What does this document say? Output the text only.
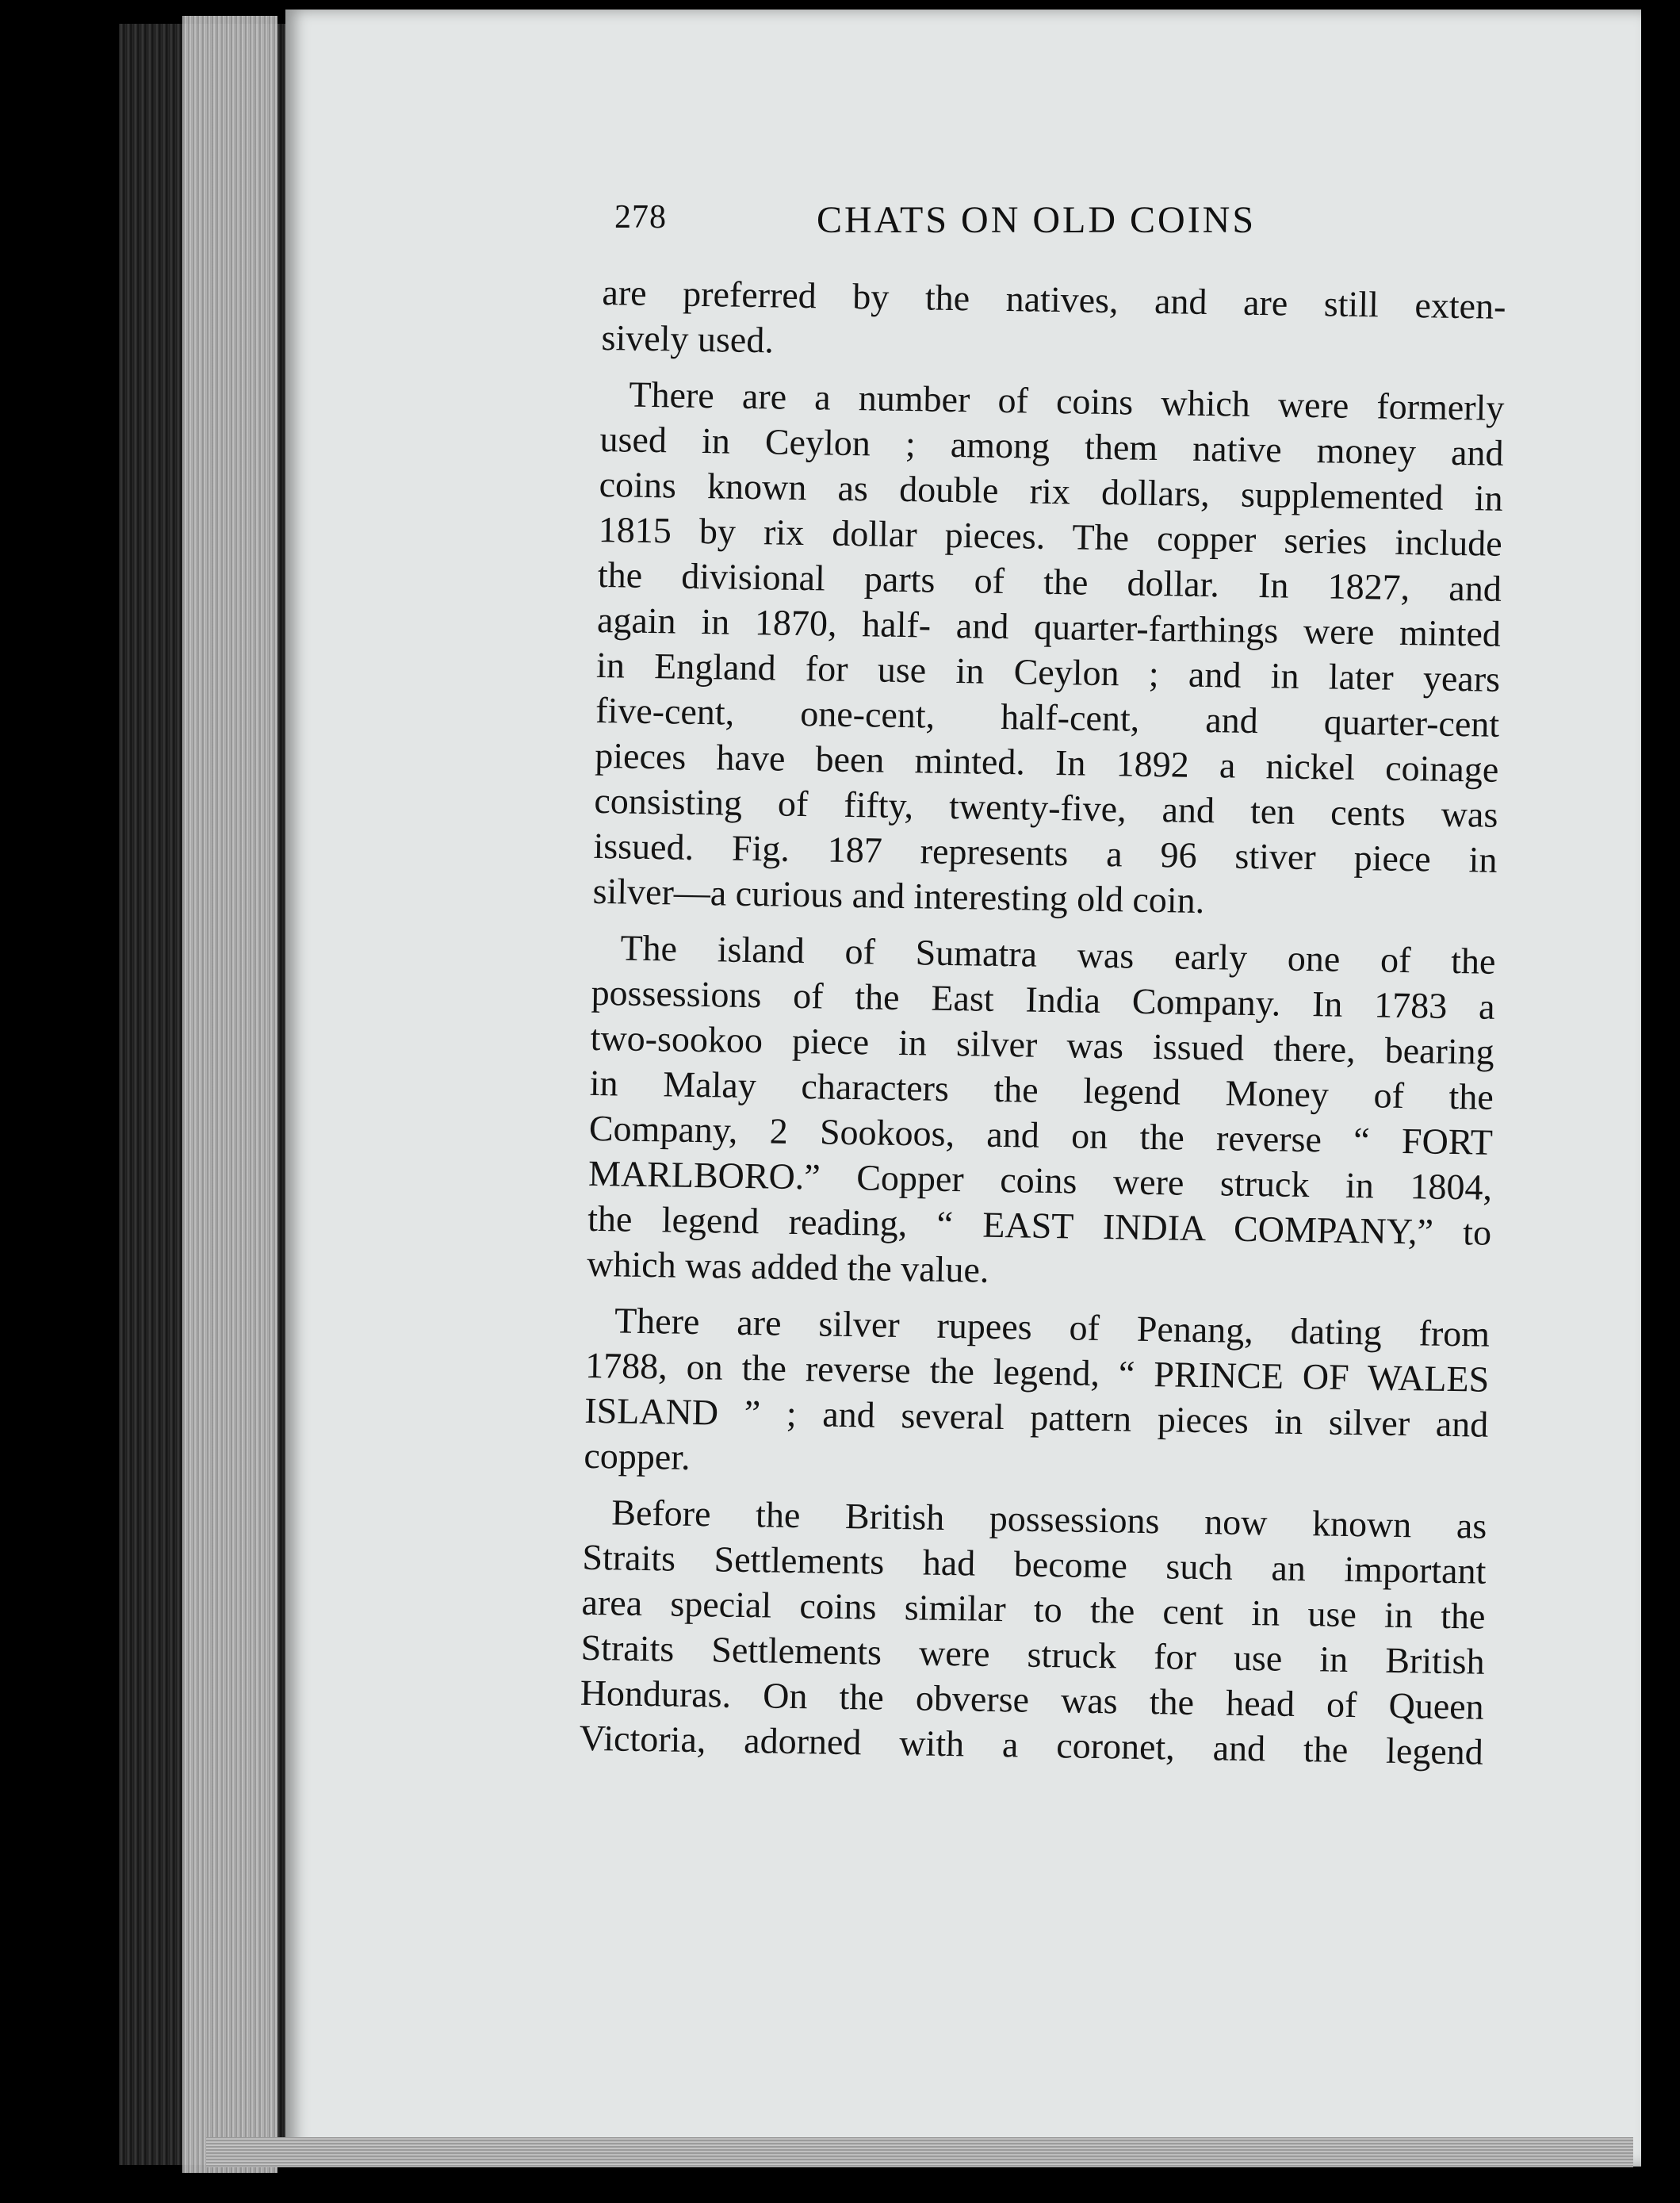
278	CHATS ON OLD COINS
are preferred by the natives, and are still exten-
sively used.
There are a number of coins which were formerly
used in Ceylon ; among them native money and
coins known as double rix dollars, supplemented in
1815 by rix dollar pieces. The copper series include
the divisional parts of the dollar. In 1827, and
again in 1870, half- and quarter-farthings were minted
in England for use in Ceylon ; and in later years
five-cent, one-cent, half-cent, and quarter-cent
pieces have been minted. In 1892 a nickel coinage
consisting of fifty, twenty-five, and ten cents was
issued. Fig. 187 represents a 96 stiver piece in
silver—a curious and interesting old coin.
The island of Sumatra was early one of the
possessions of the East India Company. In 1783 a
two-sookoo piece in silver was issued there, bearing
in Malay characters the legend Money of the
Company, 2 Sookoos, and on the reverse “ FORT
MARLBORO.” Copper coins were struck in 1804,
the legend reading, “ EAST INDIA COMPANY,” to
which was added the value.
There are silver rupees of Penang, dating from
1788, on the reverse the legend, “ PRINCE OF WALES
ISLAND ” ; and several pattern pieces in silver and
copper.
Before the British possessions now known as
Straits Settlements had become such an important
area special coins similar to the cent in use in the
Straits Settlements were struck for use in British
Honduras. On the obverse was the head of Queen
Victoria, adorned with a coronet, and the legend
